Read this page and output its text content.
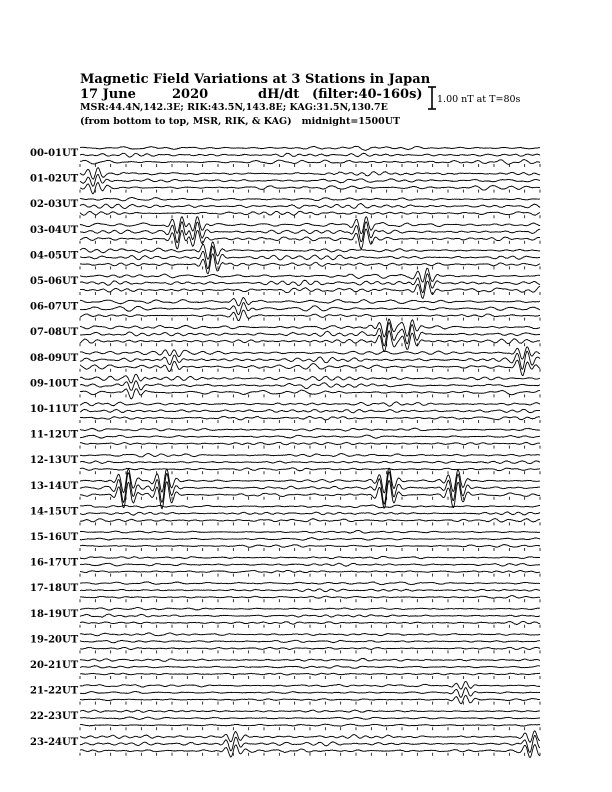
Magnetic Field Variations at 3 Stations in Japan
17 June	2020	dH/dt (filter:40-160s)
MSR:44.4N,142.3E; RIK:43.5N,143.8E; KAG:31.5N,130.7E
(from bottom to top, MSR, RIK, & KAG) midnight=1500UT
1.00 nT at T=80s
00-01UT
01-02UT
02-03UT
03-04UT
04-05UT
05-06UT
06-07UT
07-08UT
08-09UT
09-10UT
10-11UT
11-12UT
12-13UT
13-14UT
14-15UT
15-16UT
16-17UT
17-18UT
18-19UT
19-20UT
20-21UT
21-22UT
22-23UT
23-24UT
